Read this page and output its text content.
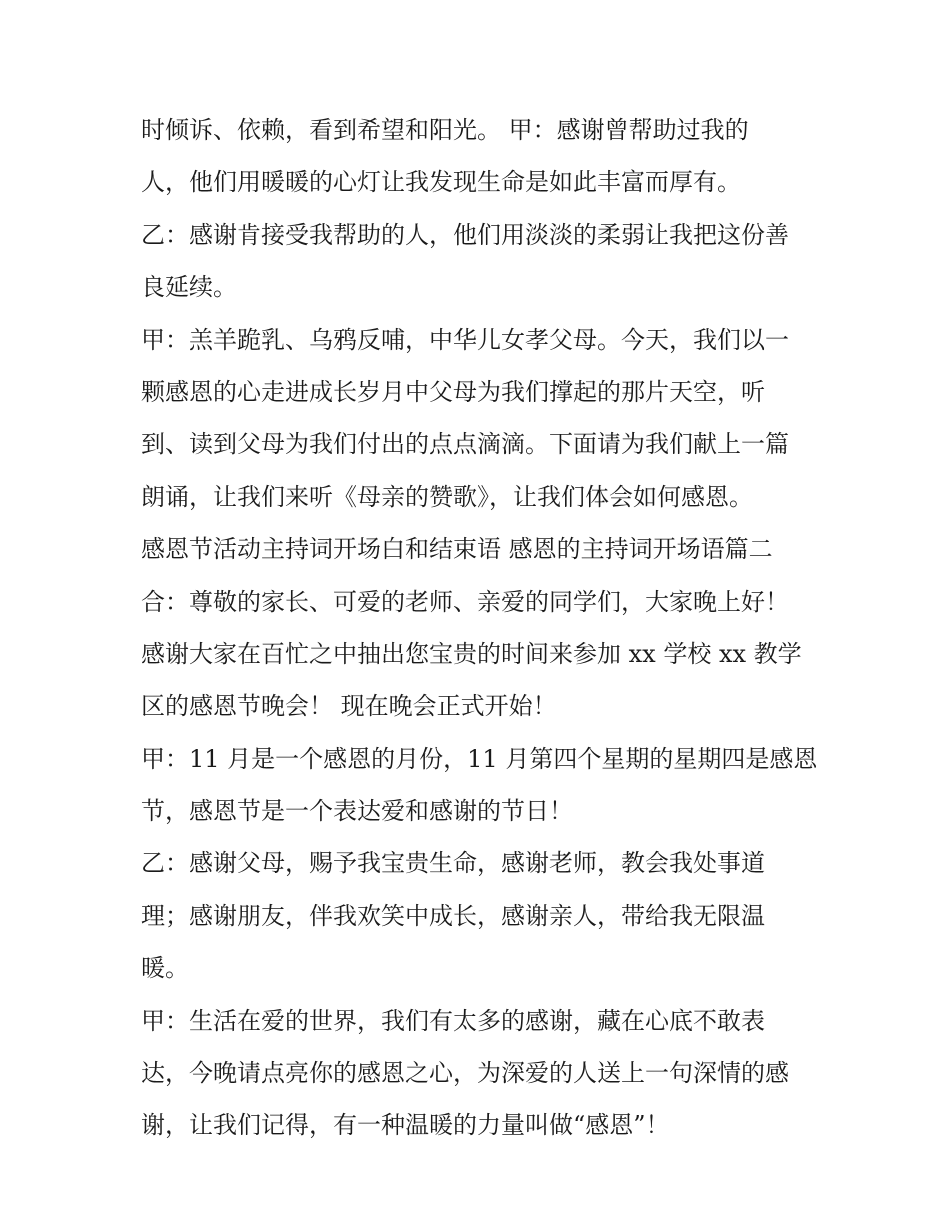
时倾诉、依赖，看到希望和阳光。 甲：感谢曾帮助过我的
人，他们用暖暖的心灯让我发现生命是如此丰富而厚有。
乙：感谢肯接受我帮助的人，他们用淡淡的柔弱让我把这份善
良延续。
甲：羔羊跪乳、乌鸦反哺，中华儿女孝父母。今天，我们以一
颗感恩的心走进成长岁月中父母为我们撑起的那片天空，听
到、读到父母为我们付出的点点滴滴。下面请为我们献上一篇
朗诵，让我们来听《母亲的赞歌》，让我们体会如何感恩。
感恩节活动主持词开场白和结束语 感恩的主持词开场语篇二
合：尊敬的家长、可爱的老师、亲爱的同学们，大家晚上好！
感谢大家在百忙之中抽出您宝贵的时间来参加 xx 学校 xx 教学
区的感恩节晚会！ 现在晚会正式开始！
甲：11 月是一个感恩的月份，11 月第四个星期的星期四是感恩
节，感恩节是一个表达爱和感谢的节日！
乙：感谢父母，赐予我宝贵生命，感谢老师，教会我处事道
理；感谢朋友，伴我欢笑中成长，感谢亲人，带给我无限温
暖。
甲：生活在爱的世界，我们有太多的感谢，藏在心底不敢表
达，今晚请点亮你的感恩之心，为深爱的人送上一句深情的感
谢，让我们记得，有一种温暖的力量叫做“感恩”！
